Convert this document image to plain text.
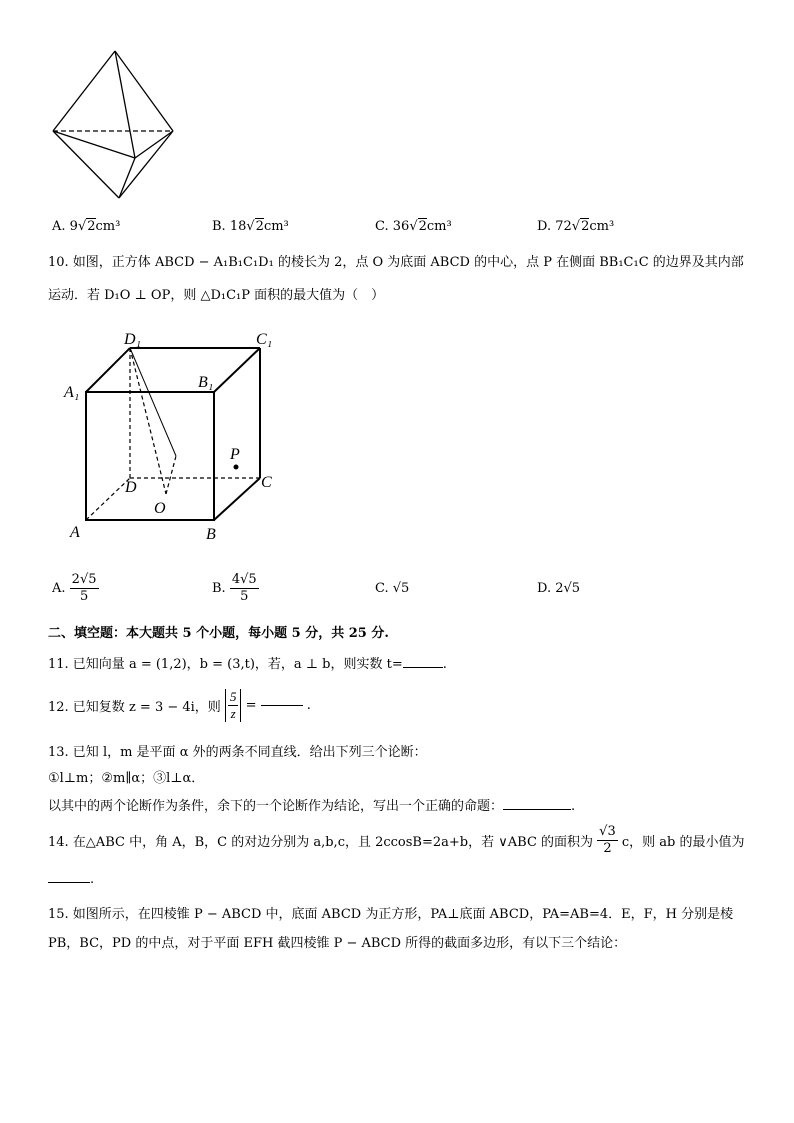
A. 9√2cm³	B. 18√2cm³	C. 36√2cm³	D. 72√2cm³
10. 如图，正方体 ABCD − A₁B₁C₁D₁ 的棱长为 2，点 O 为底面 ABCD 的中心，点 P 在侧面 BB₁C₁C 的边界及其内部
运动．若 D₁O ⊥ OP，则 △D₁C₁P 面积的最大值为（　）
D₁	C₁
A₁
B₁
P
D	C
O
A	B
A. $\frac{2√5}{5}$	B. $\frac{4√5}{5}$	C. √5	D. 2√5
二、填空题：本大题共 5 个小题，每小题 5 分，共 25 分.
11. 已知向量 a = (1,2)，b = (3,t)，若，a ⊥ b，则实数 t=	.
12. 已知复数 z = 3 − 4i，则 $\frac{5}{z}$ =	.
13. 已知 l，m 是平面 α 外的两条不同直线．给出下列三个论断：
①l⊥m；②m∥α；③l⊥α．
以其中的两个论断作为条件，余下的一个论断作为结论，写出一个正确的命题：	.
14. 在△ABC 中，角 A，B，C 的对边分别为 a,b,c，且 2ccosB=2a+b，若 ∨ABC 的面积为 $\frac{√3}{2}$ c，则 ab 的最小值为
.
15. 如图所示，在四棱锥 P − ABCD 中，底面 ABCD 为正方形，PA⊥底面 ABCD，PA=AB=4．E，F，H 分别是棱
PB，BC，PD 的中点，对于平面 EFH 截四棱锥 P − ABCD 所得的截面多边形，有以下三个结论：
